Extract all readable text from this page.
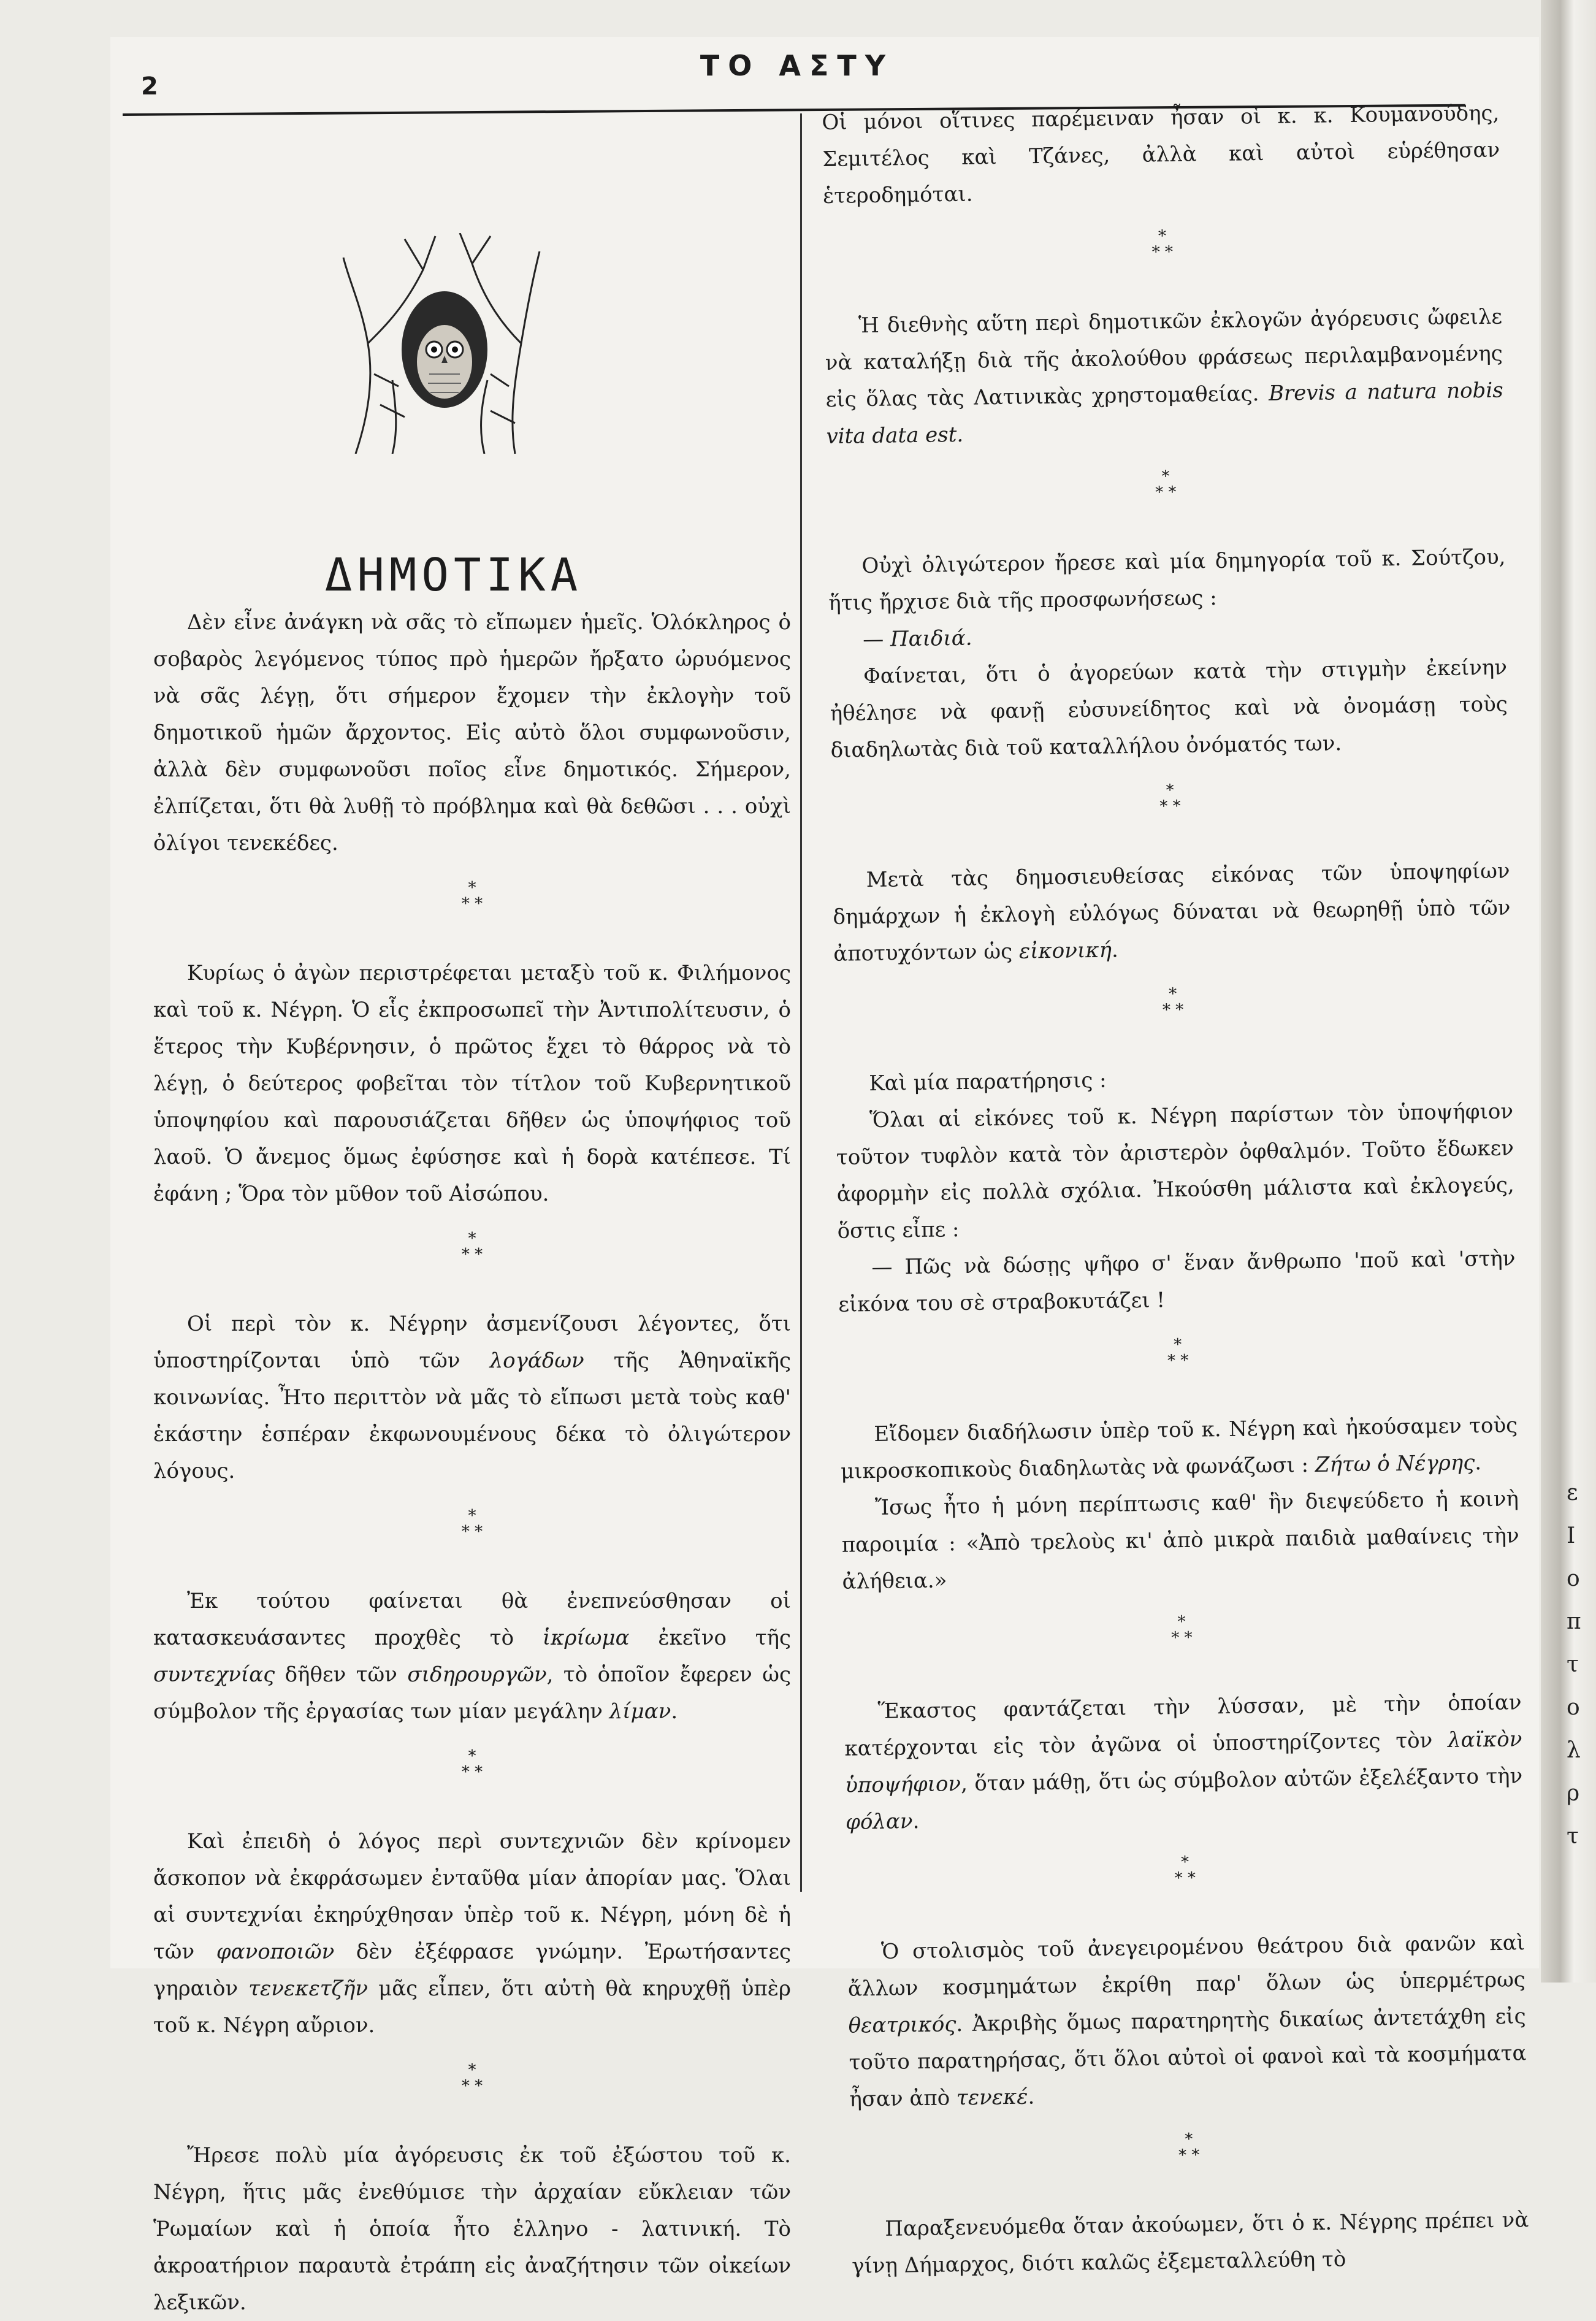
ε
Ι
ο
π
τ
ο
λ
ρ
τ
2
ΤΟ ΑΣΤΥ
ΔΗΜΟΤΙΚΑ

Δὲν εἶνε ἀνάγκη νὰ σᾶς τὸ εἴπωμεν ἡμεῖς. Ὁλόκληρος ὁ σοβαρὸς λεγόμενος τύπος πρὸ ἡμερῶν ἤρξατο ὠρυόμενος νὰ σᾶς λέγῃ, ὅτι σήμερον ἔχομεν τὴν ἐκλογὴν τοῦ δημοτικοῦ ἡμῶν ἄρχοντος. Εἰς αὐτὸ ὅλοι συμφωνοῦσιν, ἀλλὰ δὲν συμφωνοῦσι ποῖος εἶνε δημοτικός. Σήμερον, ἐλπίζεται, ὅτι θὰ λυθῇ τὸ πρόβλημα καὶ θὰ δεθῶσι . . . οὐχὶ ὀλίγοι τενεκέδες.

*
* *

Κυρίως ὁ ἀγὼν περιστρέφεται μεταξὺ τοῦ κ. Φιλήμονος καὶ τοῦ κ. Νέγρη. Ὁ εἷς ἐκπροσωπεῖ τὴν Ἀντιπολίτευσιν, ὁ ἕτερος τὴν Κυβέρνησιν, ὁ πρῶτος ἔχει τὸ θάρρος νὰ τὸ λέγῃ, ὁ δεύτερος φοβεῖται τὸν τίτλον τοῦ Κυβερνητικοῦ ὑποψηφίου καὶ παρουσιάζεται δῆθεν ὡς ὑποψήφιος τοῦ λαοῦ. Ὁ ἄνεμος ὅμως ἐφύσησε καὶ ἡ δορὰ κατέπεσε. Τί ἐφάνη ; Ὅρα τὸν μῦθον τοῦ Αἰσώπου.

*
* *

Οἱ περὶ τὸν κ. Νέγρην ἀσμενίζουσι λέγοντες, ὅτι ὑποστηρίζονται ὑπὸ τῶν λογάδων τῆς Ἀθηναϊκῆς κοινωνίας. Ἦτο περιττὸν νὰ μᾶς τὸ εἴπωσι μετὰ τοὺς καθ' ἑκάστην ἑσπέραν ἐκφωνουμένους δέκα τὸ ὀλιγώτερον λόγους.

*
* *

Ἐκ τούτου φαίνεται θὰ ἐνεπνεύσθησαν οἱ κατασκευάσαντες προχθὲς τὸ ἱκρίωμα ἐκεῖνο τῆς συντεχνίας δῆθεν τῶν σιδηρουργῶν, τὸ ὁποῖον ἔφερεν ὡς σύμβολον τῆς ἐργασίας των μίαν μεγάλην λίμαν.

*
* *

Καὶ ἐπειδὴ ὁ λόγος περὶ συντεχνιῶν δὲν κρίνομεν ἄσκοπον νὰ ἐκφράσωμεν ἐνταῦθα μίαν ἀπορίαν μας. Ὅλαι αἱ συντεχνίαι ἐκηρύχθησαν ὑπὲρ τοῦ κ. Νέγρη, μόνη δὲ ἡ τῶν φανοποιῶν δὲν ἐξέφρασε γνώμην. Ἐρωτήσαντες γηραιὸν τενεκετζῆν μᾶς εἶπεν, ὅτι αὐτὴ θὰ κηρυχθῇ ὑπὲρ τοῦ κ. Νέγρη αὔριον.

*
* *

Ἤρεσε πολὺ μία ἀγόρευσις ἐκ τοῦ ἐξώστου τοῦ κ. Νέγρη, ἥτις μᾶς ἐνεθύμισε τὴν ἀρχαίαν εὔκλειαν τῶν Ῥωμαίων καὶ ἡ ὁποία ἦτο ἑλληνο - λατινική. Τὸ ἀκροατήριον παραυτὰ ἐτράπη εἰς ἀναζήτησιν τῶν οἰκείων λεξικῶν.

Οἱ μόνοι οἵτινες παρέμειναν ἦσαν οἱ κ. κ. Κουμανούδης, Σεμιτέλος καὶ Τζάνες, ἀλλὰ καὶ αὐτοὶ εὑρέθησαν ἑτεροδημόται.

*
* *

Ἡ διεθνὴς αὕτη περὶ δημοτικῶν ἐκλογῶν ἀγόρευσις ὤφειλε νὰ καταλήξῃ διὰ τῆς ἀκολούθου φράσεως περιλαμβανομένης εἰς ὅλας τὰς Λατινικὰς χρηστομαθείας. Brevis a natura nobis vita data est.

*
* *

Οὐχὶ ὀλιγώτερον ἤρεσε καὶ μία δημηγορία τοῦ κ. Σούτζου, ἥτις ἤρχισε διὰ τῆς προσφωνήσεως :

— Παιδιά.

Φαίνεται, ὅτι ὁ ἀγορεύων κατὰ τὴν στιγμὴν ἐκείνην ἠθέλησε νὰ φανῇ εὐσυνείδητος καὶ νὰ ὀνομάσῃ τοὺς διαδηλωτὰς διὰ τοῦ καταλλήλου ὀνόματός των.

*
* *

Μετὰ τὰς δημοσιευθείσας εἰκόνας τῶν ὑποψηφίων δημάρχων ἡ ἐκλογὴ εὐλόγως δύναται νὰ θεωρηθῇ ὑπὸ τῶν ἀποτυχόντων ὡς εἰκονική.

*
* *

Καὶ μία παρατήρησις :

Ὅλαι αἱ εἰκόνες τοῦ κ. Νέγρη παρίστων τὸν ὑποψήφιον τοῦτον τυφλὸν κατὰ τὸν ἀριστερὸν ὀφθαλμόν. Τοῦτο ἔδωκεν ἀφορμὴν εἰς πολλὰ σχόλια. Ἠκούσθη μάλιστα καὶ ἐκλογεύς, ὅστις εἶπε :

— Πῶς νὰ δώσῃς ψῆφο σ' ἕναν ἄνθρωπο 'ποῦ καὶ 'στὴν εἰκόνα του σὲ στραβοκυτάζει !

*
* *

Εἴδομεν διαδήλωσιν ὑπὲρ τοῦ κ. Νέγρη καὶ ἠκούσαμεν τοὺς μικροσκοπικοὺς διαδηλωτὰς νὰ φωνάζωσι : Ζήτω ὁ Νέγρης.

Ἴσως ἦτο ἡ μόνη περίπτωσις καθ' ἣν διεψεύδετο ἡ κοινὴ παροιμία : «Ἀπὸ τρελοὺς κι' ἀπὸ μικρὰ παιδιὰ μαθαίνεις τὴν ἀλήθεια.»

*
* *

Ἕκαστος φαντάζεται τὴν λύσσαν, μὲ τὴν ὁποίαν κατέρχονται εἰς τὸν ἀγῶνα οἱ ὑποστηρίζοντες τὸν λαϊκὸν ὑποψήφιον, ὅταν μάθῃ, ὅτι ὡς σύμβολον αὐτῶν ἐξελέξαντο τὴν φόλαν.

*
* *

Ὁ στολισμὸς τοῦ ἀνεγειρομένου θεάτρου διὰ φανῶν καὶ ἄλλων κοσμημάτων ἐκρίθη παρ' ὅλων ὡς ὑπερμέτρως θεατρικός. Ἀκριβὴς ὅμως παρατηρητὴς δικαίως ἀντετάχθη εἰς τοῦτο παρατηρήσας, ὅτι ὅλοι αὐτοὶ οἱ φανοὶ καὶ τὰ κοσμήματα ἦσαν ἀπὸ τενεκέ.

*
* *

Παραξενευόμεθα ὅταν ἀκούωμεν, ὅτι ὁ κ. Νέγρης πρέπει νὰ γίνῃ Δήμαρχος, διότι καλῶς ἐξεμεταλλεύθη τὸ
